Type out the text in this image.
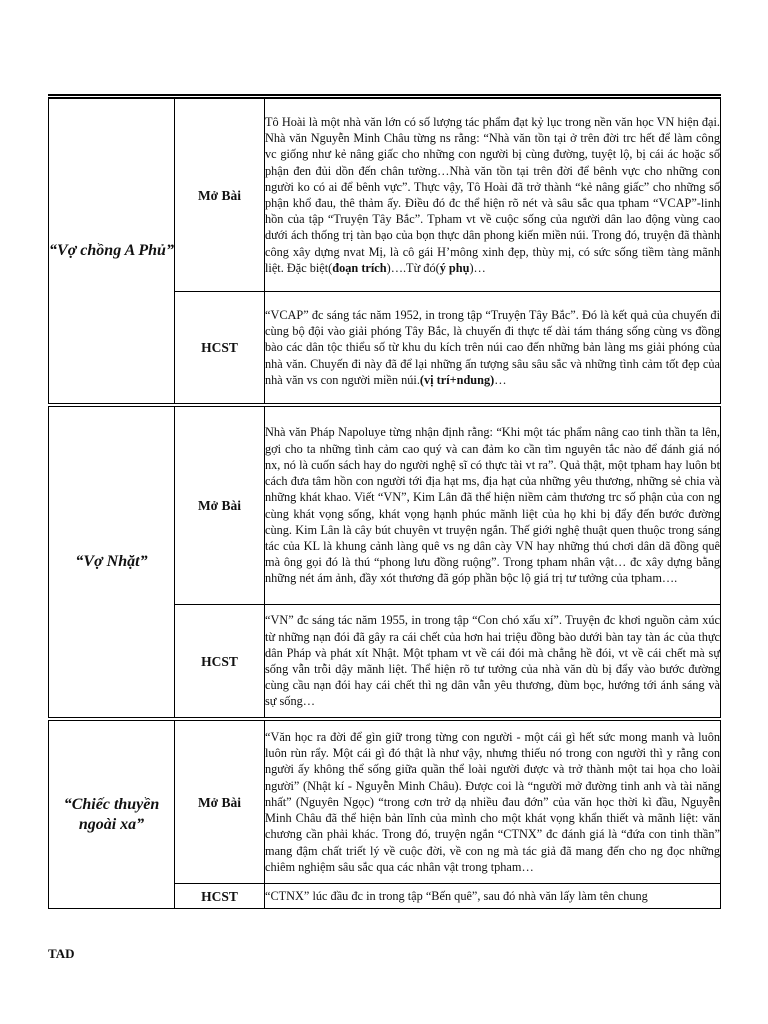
“Vợ chồng A Phủ”	Mở Bài	Tô Hoài là một nhà văn lớn có số lượng tác phẩm đạt kỷ lục trong nền văn học VN hiện đại. Nhà văn Nguyễn Minh Châu từng ns rằng: “Nhà văn tồn tại ở trên đời trc hết để làm công vc giống như kẻ nâng giấc cho những con người bị cùng đường, tuyệt lộ, bị cái ác hoặc số phận đen đủi dồn đến chân tường…Nhà văn tồn tại trên đời để bênh vực cho những con người ko có ai để bênh vực”. Thực vậy, Tô Hoài đã trở thành “kẻ nâng giấc” cho những số phận khổ đau, thê thảm ấy. Điều đó đc thể hiện rõ nét và sâu sắc qua tpham “VCAP”-linh hồn của tập “Truyện Tây Bắc”. Tpham vt về cuộc sống của người dân lao động vùng cao dưới ách thống trị tàn bạo của bọn thực dân phong kiến miền núi. Trong đó, truyện đã thành công xây dựng nvat Mị, là cô gái H’mông xinh đẹp, thùy mị, có sức sống tiềm tàng mãnh liệt. Đặc biệt(đoạn trích)….Từ đó(ý phụ)…
	HCST	“VCAP” đc sáng tác năm 1952, in trong tập “Truyện Tây Bắc”. Đó là kết quả của chuyến đi cùng bộ đội vào giải phóng Tây Bắc, là chuyến đi thực tế dài tám tháng sống cùng vs đồng bào các dân tộc thiểu số từ khu du kích trên núi cao đến những bản làng ms giải phóng của nhà văn. Chuyến đi này đã để lại những ấn tượng sâu sâu sắc và những tình cảm tốt đẹp của nhà văn vs con người miền núi.(vị trí+ndung)…
“Vợ Nhặt”	Mở Bài	Nhà văn Pháp Napoluye từng nhận định rằng: “Khi một tác phẩm nâng cao tinh thần ta lên, gợi cho ta những tình cảm cao quý và can đảm ko cần tìm nguyên tắc nào để đánh giá nó nx, nó là cuốn sách hay do người nghệ sĩ có thực tài vt ra”. Quả thật, một tpham hay luôn bt cách đưa tâm hồn con người tới địa hạt ms, địa hạt của những yêu thương, những sẻ chia và những khát khao. Viết “VN”, Kim Lân đã thể hiện niềm cảm thương trc số phận của con ng cùng khát vọng sống, khát vọng hạnh phúc mãnh liệt của họ khi bị đẩy đến bước đường cùng. Kim Lân là cây bút chuyên vt truyện ngắn. Thế giới nghệ thuật quen thuộc trong sáng tác của KL là khung cảnh làng quê vs ng dân cày VN hay những thú chơi dân dã đồng quê mà ông gọi đó là thú “phong lưu đồng ruộng”. Trong tpham nhân vật… đc xây dựng bằng những nét ám ảnh, đầy xót thương đã góp phần bộc lộ giá trị tư tưởng của tpham….
	HCST	“VN” đc sáng tác năm 1955, in trong tập “Con chó xấu xí”. Truyện đc khơi nguồn cảm xúc từ những nạn đói đã gây ra cái chết của hơn hai triệu đồng bào dưới bàn tay tàn ác của thực dân Pháp và phát xít Nhật. Một tpham vt về cái đói mà chẳng hề đói, vt về cái chết mà sự sống vẫn trỗi dậy mãnh liệt. Thể hiện rõ tư tưởng của nhà văn dù bị đẩy vào bước đường cùng cầu nạn đói hay cái chết thì ng dân vẫn yêu thương, đùm bọc, hướng tới ánh sáng và sự sống…
“Chiếc thuyền ngoài xa”	Mở Bài	“Văn học ra đời để gìn giữ trong từng con người - một cái gì hết sức mong manh và luôn luôn rùn rẩy. Một cái gì đó thật là như vậy, nhưng thiếu nó trong con người thì y rằng con người ấy không thể sống giữa quần thể loài người được và trở thành một tai họa cho loài người” (Nhật kí - Nguyễn Minh Châu). Được coi là “người mở đường tinh anh và tài năng nhất” (Nguyên Ngọc) “trong cơn trở dạ nhiều đau đớn” của văn học thời kì đầu, Nguyễn Minh Châu đã thể hiện bản lĩnh của mình cho một khát vọng khẩn thiết và mãnh liệt: văn chương cần phải khác. Trong đó, truyện ngắn “CTNX” đc đánh giá là “đứa con tinh thần” mang đậm chất triết lý về cuộc đời, về con ng mà tác giả đã mang đến cho ng đọc những chiêm nghiệm sâu sắc qua các nhân vật trong tpham…
	HCST	“CTNX” lúc đầu đc in trong tập “Bến quê”, sau đó nhà văn lấy làm tên chung
TAD
